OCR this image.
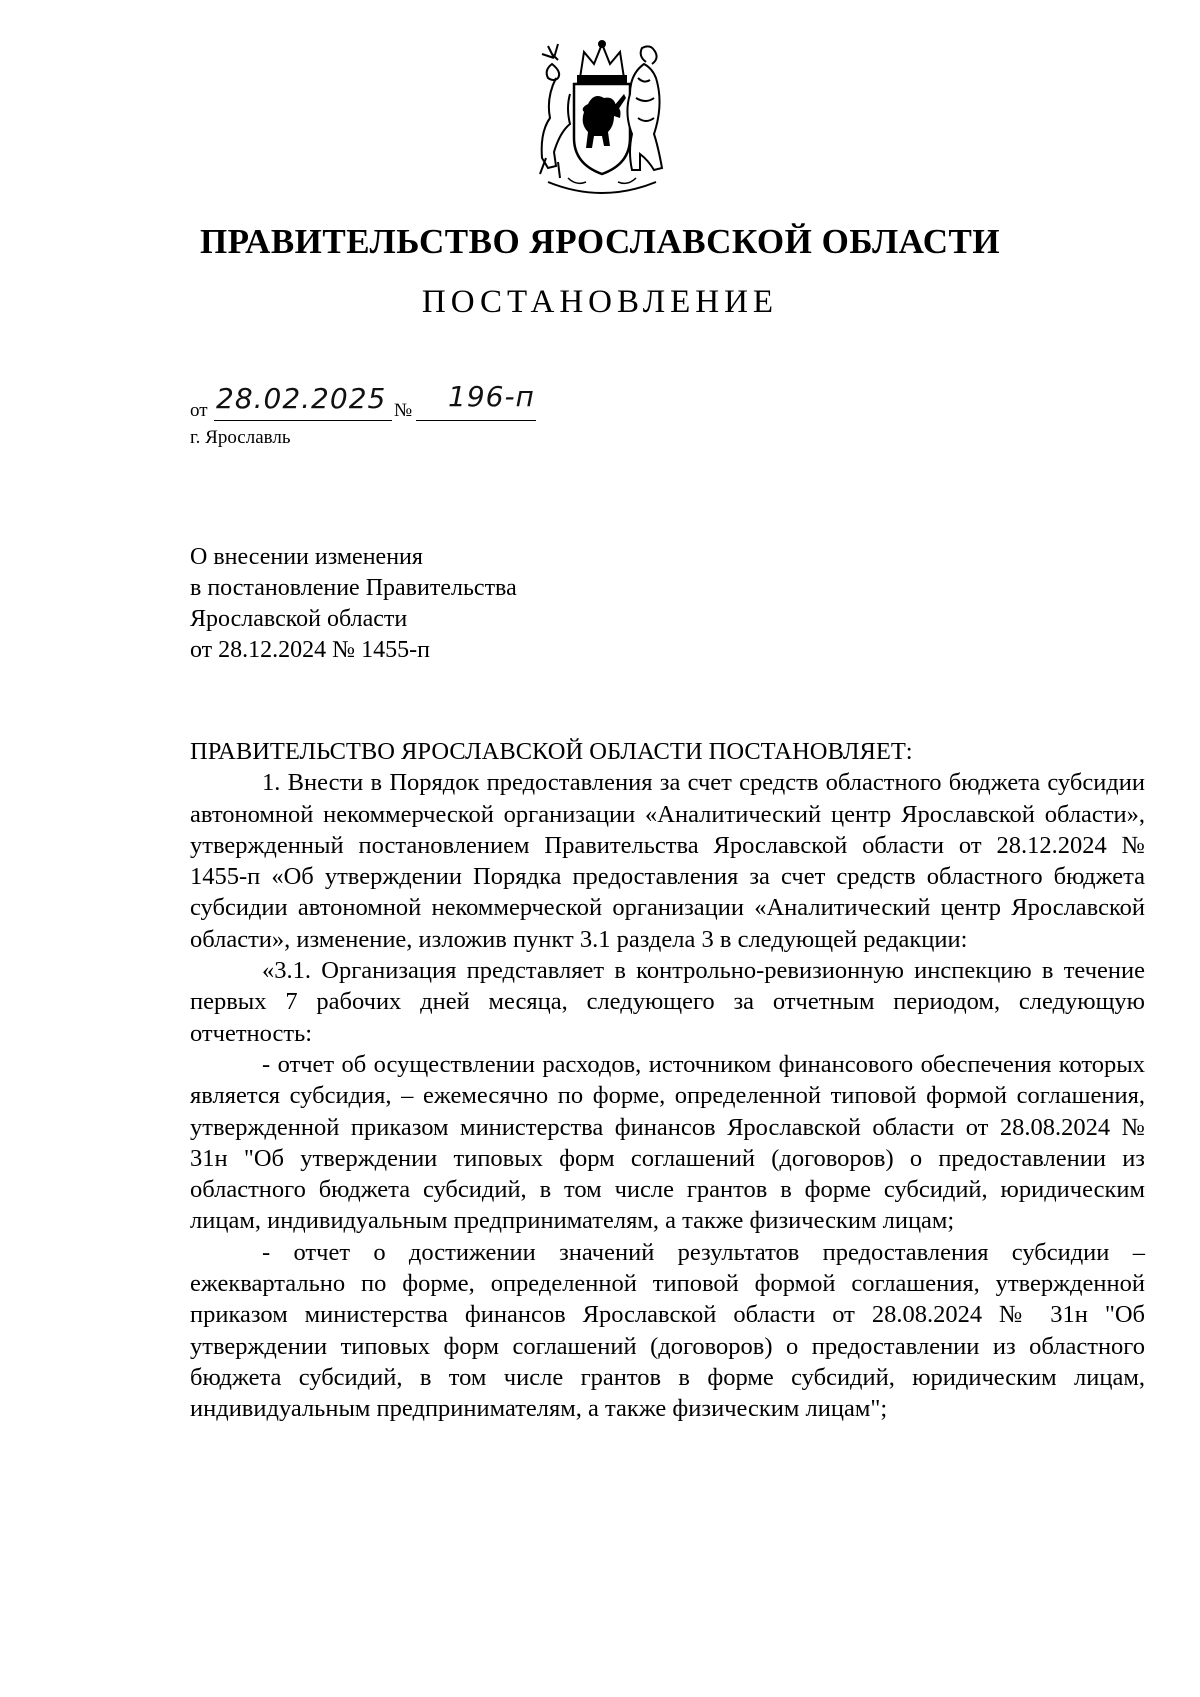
ПРАВИТЕЛЬСТВО ЯРОСЛАВСКОЙ ОБЛАСТИ
ПОСТАНОВЛЕНИЕ
от 28.02.2025 № 196-п
г. Ярославль
О внесении изменения
в постановление Правительства
Ярославской области
от 28.12.2024 № 1455-п

ПРАВИТЕЛЬСТВО ЯРОСЛАВСКОЙ ОБЛАСТИ ПОСТАНОВЛЯЕТ:

1. Внести в Порядок предоставления за счет средств областного бюджета субсидии автономной некоммерческой организации «Аналитический центр Ярославской области», утвержденный постановлением Правительства Ярославской области от 28.12.2024 № 1455-п «Об утверждении Порядка предоставления за счет средств областного бюджета субсидии автономной некоммерческой организации «Аналитический центр Ярославской области», изменение, изложив пункт 3.1 раздела 3 в следующей редакции:

«3.1. Организация представляет в контрольно-ревизионную инспекцию в течение первых 7 рабочих дней месяца, следующего за отчетным периодом, следующую отчетность:

- отчет об осуществлении расходов, источником финансового обеспечения которых является субсидия, – ежемесячно по форме, определенной типовой формой соглашения, утвержденной приказом министерства финансов Ярославской области от 28.08.2024 № 31н "Об утверждении типовых форм соглашений (договоров) о предоставлении из областного бюджета субсидий, в том числе грантов в форме субсидий, юридическим лицам, индивидуальным предпринимателям, а также физическим лицам;

- отчет о достижении значений результатов предоставления субсидии – ежеквартально по форме, определенной типовой формой соглашения, утвержденной приказом министерства финансов Ярославской области от 28.08.2024 № 31н "Об утверждении типовых форм соглашений (договоров) о предоставлении из областного бюджета субсидий, в том числе грантов в форме субсидий, юридическим лицам, индивидуальным предпринимателям, а также физическим лицам";
